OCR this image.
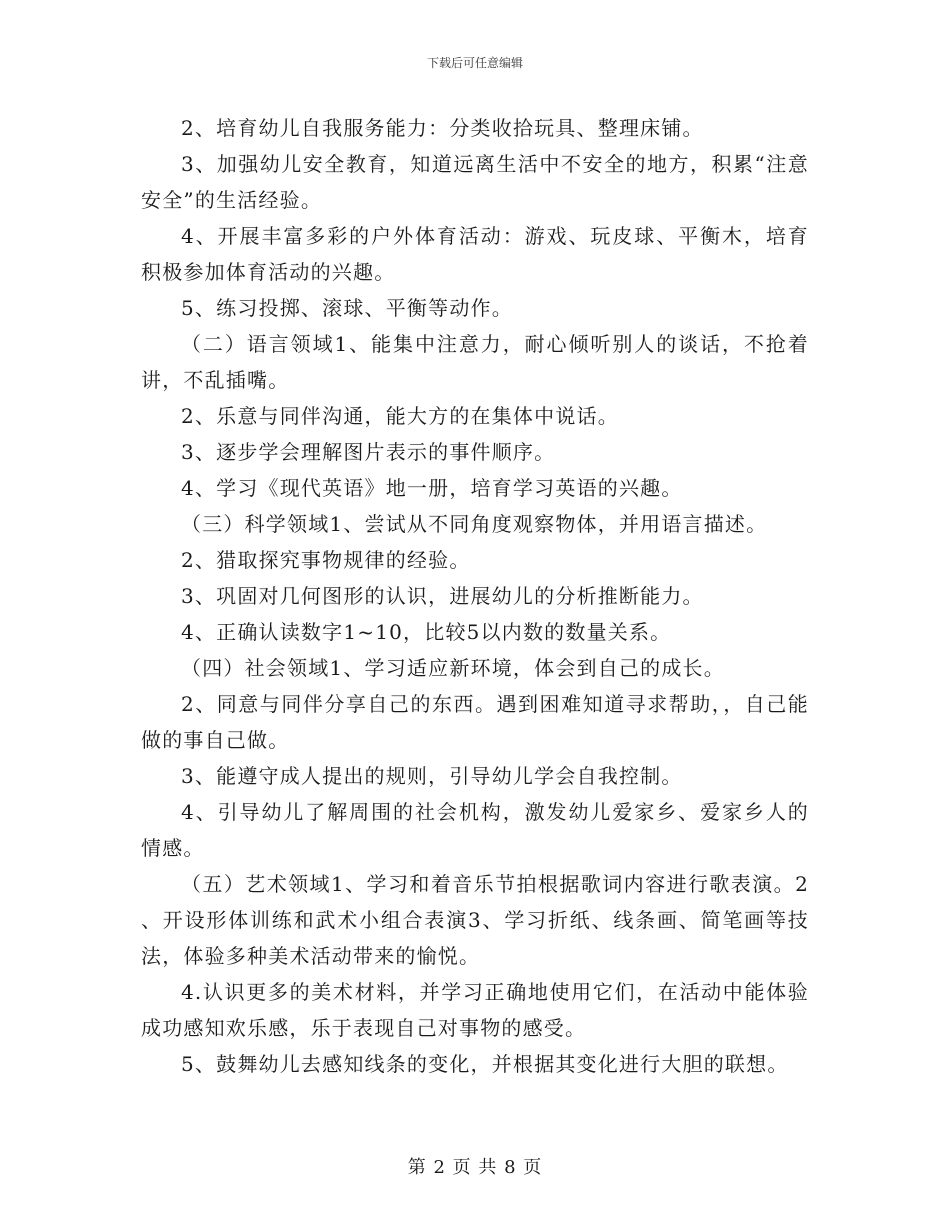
下载后可任意编辑

2、培育幼儿自我服务能力：分类收拾玩具、整理床铺。

3、加强幼儿安全教育，知道远离生活中不安全的地方，积累“注意安全”的生活经验。

4、开展丰富多彩的户外体育活动：游戏、玩皮球、平衡木，培育积极参加体育活动的兴趣。

5、练习投掷、滚球、平衡等动作。

（二）语言领域1、能集中注意力，耐心倾听别人的谈话，不抢着讲，不乱插嘴。

2、乐意与同伴沟通，能大方的在集体中说话。

3、逐步学会理解图片表示的事件顺序。

4、学习《现代英语》地一册，培育学习英语的兴趣。

（三）科学领域1、尝试从不同角度观察物体，并用语言描述。

2、猎取探究事物规律的经验。

3、巩固对几何图形的认识，进展幼儿的分析推断能力。

4、正确认读数字1~10，比较5以内数的数量关系。

（四）社会领域1、学习适应新环境，体会到自己的成长。

2、同意与同伴分享自己的东西。遇到困难知道寻求帮助，，自己能做的事自己做。

3、能遵守成人提出的规则，引导幼儿学会自我控制。

4、引导幼儿了解周围的社会机构，激发幼儿爱家乡、爱家乡人的情感。

（五）艺术领域1、学习和着音乐节拍根据歌词内容进行歌表演。2 、开设形体训练和武术小组合表演3、学习折纸、线条画、简笔画等技法，体验多种美术活动带来的愉悦。

4.认识更多的美术材料，并学习正确地使用它们，在活动中能体验成功感知欢乐感，乐于表现自己对事物的感受。

5、鼓舞幼儿去感知线条的变化，并根据其变化进行大胆的联想。

第 2 页 共 8 页
